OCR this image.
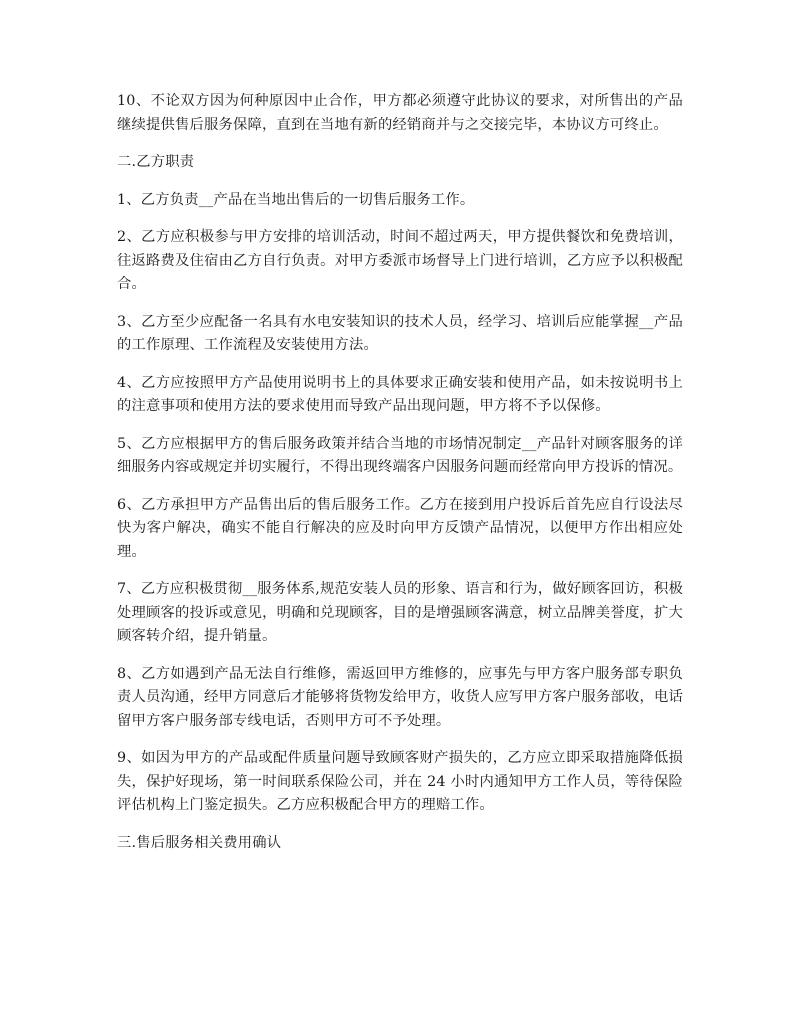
10、不论双方因为何种原因中止合作，甲方都必须遵守此协议的要求，对所售出的产品继续提供售后服务保障，直到在当地有新的经销商并与之交接完毕，本协议方可终止。

二.乙方职责

1、乙方负责__产品在当地出售后的一切售后服务工作。

2、乙方应积极参与甲方安排的培训活动，时间不超过两天，甲方提供餐饮和免费培训，往返路费及住宿由乙方自行负责。对甲方委派市场督导上门进行培训，乙方应予以积极配合。

3、乙方至少应配备一名具有水电安装知识的技术人员，经学习、培训后应能掌握__产品的工作原理、工作流程及安装使用方法。

4、乙方应按照甲方产品使用说明书上的具体要求正确安装和使用产品，如未按说明书上的注意事项和使用方法的要求使用而导致产品出现问题，甲方将不予以保修。

5、乙方应根据甲方的售后服务政策并结合当地的市场情况制定__产品针对顾客服务的详细服务内容或规定并切实履行，不得出现终端客户因服务问题而经常向甲方投诉的情况。

6、乙方承担甲方产品售出后的售后服务工作。乙方在接到用户投诉后首先应自行设法尽快为客户解决，确实不能自行解决的应及时向甲方反馈产品情况，以便甲方作出相应处理。

7、乙方应积极贯彻__服务体系,规范安装人员的形象、语言和行为，做好顾客回访，积极处理顾客的投诉或意见，明确和兑现顾客，目的是增强顾客满意，树立品牌美誉度，扩大顾客转介绍，提升销量。

8、乙方如遇到产品无法自行维修，需返回甲方维修的，应事先与甲方客户服务部专职负责人员沟通，经甲方同意后才能够将货物发给甲方，收货人应写甲方客户服务部收，电话留甲方客户服务部专线电话，否则甲方可不予处理。

9、如因为甲方的产品或配件质量问题导致顾客财产损失的，乙方应立即采取措施降低损失，保护好现场，第一时间联系保险公司，并在 24 小时内通知甲方工作人员，等待保险评估机构上门鉴定损失。乙方应积极配合甲方的理赔工作。

三.售后服务相关费用确认
